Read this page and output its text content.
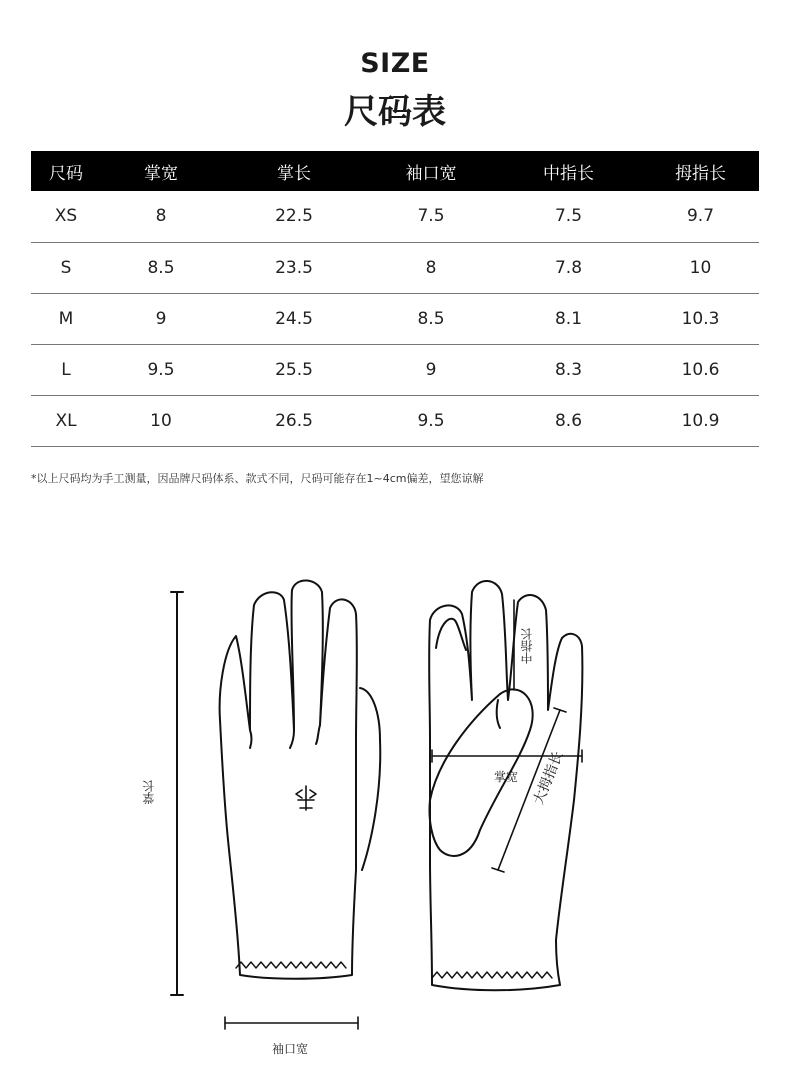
SIZE
尺码表
尺码	掌宽	掌长	袖口宽	中指长	拇指长
XS	8	22.5	7.5	7.5	9.7
S	8.5	23.5	8	7.8	10
M	9	24.5	8.5	8.1	10.3
L	9.5	25.5	9	8.3	10.6
XL	10	26.5	9.5	8.6	10.9
*以上尺码均为手工测量，因品牌尺码体系、款式不同，尺码可能存在1~4cm偏差，望您谅解
掌长
袖口宽
中指长
掌宽 大拇指长
